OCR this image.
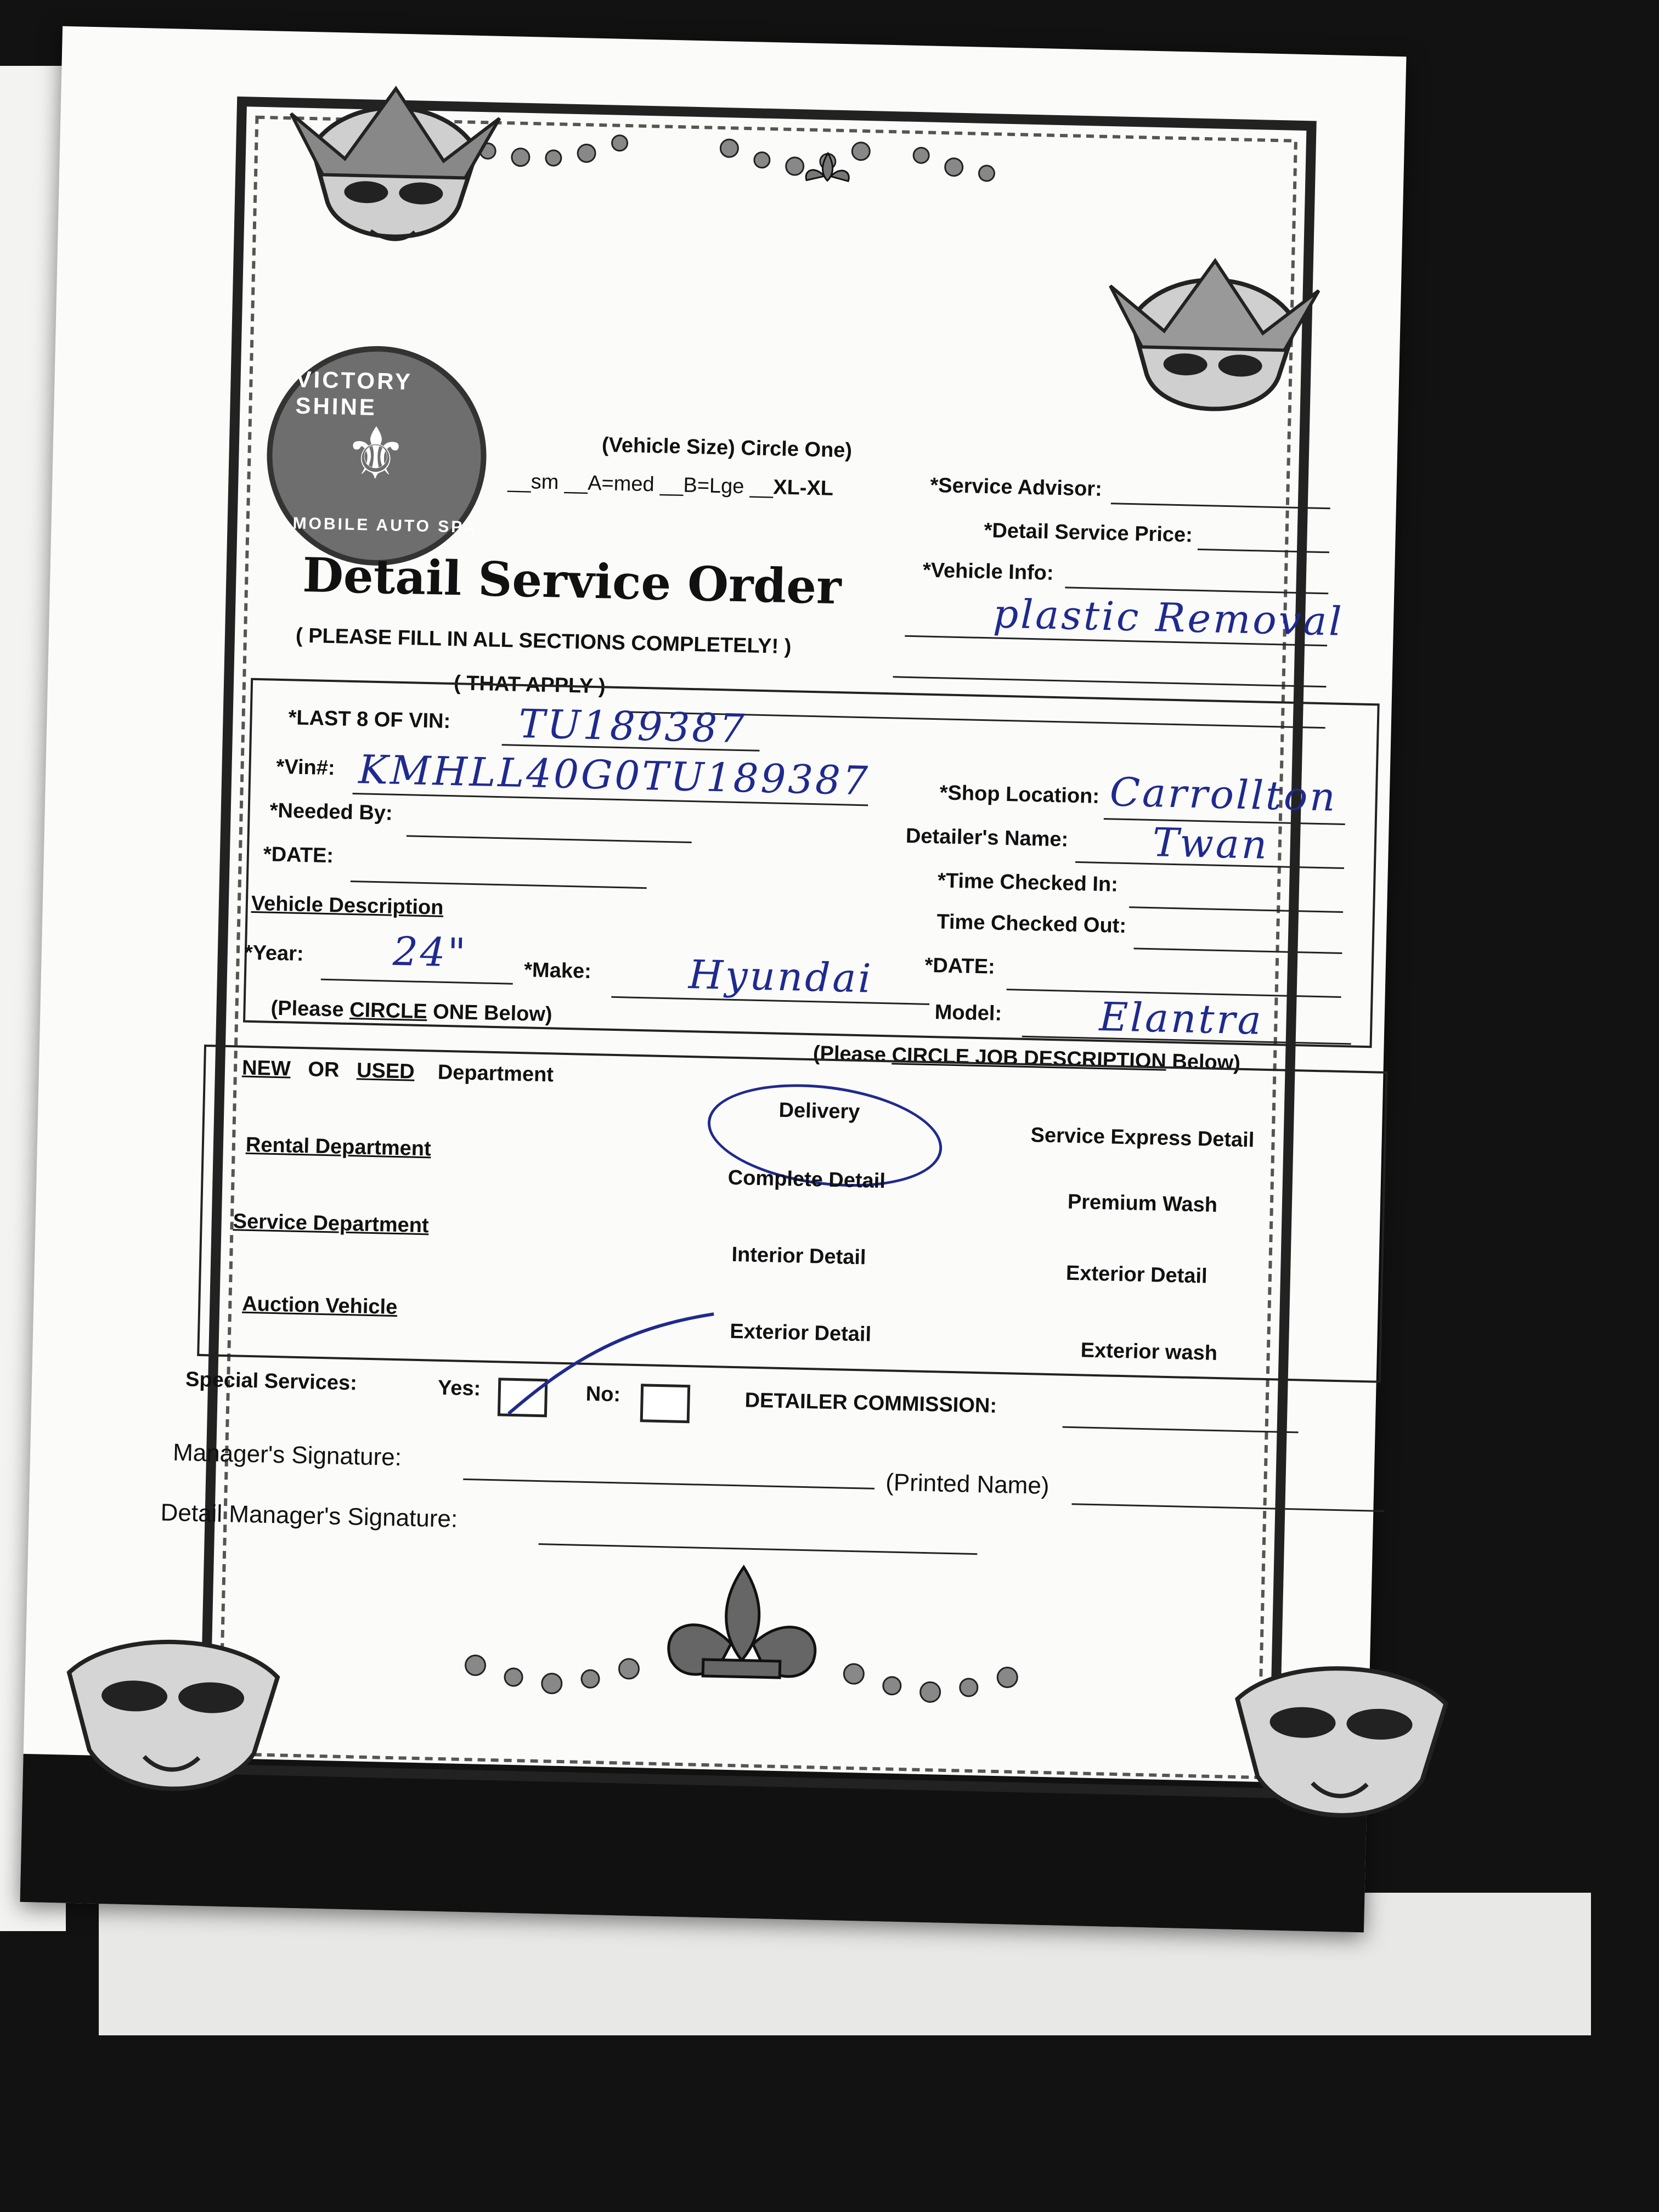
VICTORY SHINE
MOBILE AUTO SPA
⚜	(Vehicle Size) Circle One)
__sm __A=med __B=Lge __XL-XL	*Service Advisor:
*Detail Service Price:
*Vehicle Info:
plastic Removal
Detail Service Order
( PLEASE FILL IN ALL SECTIONS COMPLETELY! )
( THAT APPLY )
*LAST 8 OF VIN: TU189387
*Vin#: KMHLL40G0TU189387
*Needed By:
*DATE:
*Shop Location: Carrollton
Detailer's Name: Twan
*Time Checked In:
Time Checked Out:
*DATE:
Vehicle Description
*Year: 24"	*Make: Hyundai
Model: Elantra
(Please CIRCLE ONE Below)
(Please CIRCLE JOB DESCRIPTION Below)
NEW OR USED Department
Rental Department
Service Department
Auction Vehicle
Delivery
Complete Detail
Interior Detail
Exterior Detail
Service Express Detail
Premium Wash
Exterior Detail
Exterior wash
Special Services:	Yes:	No:	DETAILER COMMISSION:
Manager's Signature:
(Printed Name)
Detail Manager's Signature:
